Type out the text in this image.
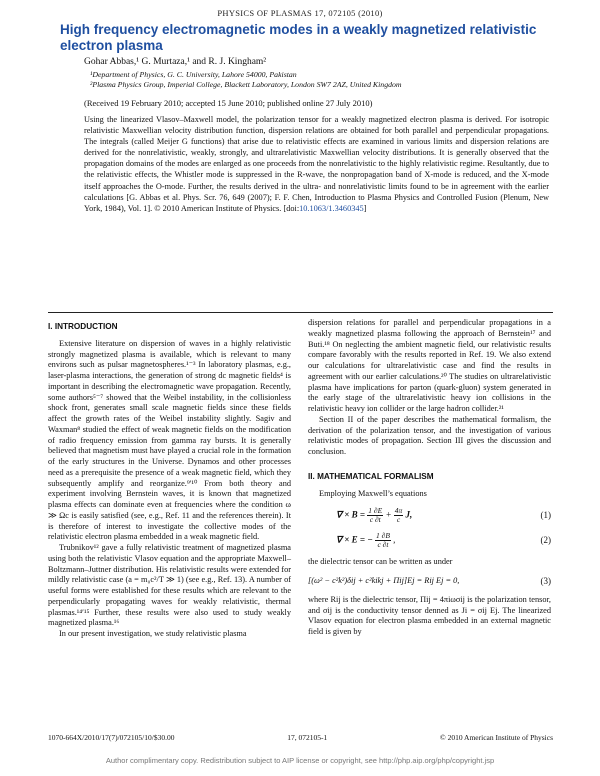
PHYSICS OF PLASMAS 17, 072105 (2010)
High frequency electromagnetic modes in a weakly magnetized relativistic electron plasma
Gohar Abbas,¹ G. Murtaza,¹ and R. J. Kingham²
¹Department of Physics, G. C. University, Lahore 54000, Pakistan
²Plasma Physics Group, Imperial College, Blackett Laboratory, London SW7 2AZ, United Kingdom
(Received 19 February 2010; accepted 15 June 2010; published online 27 July 2010)
Using the linearized Vlasov–Maxwell model, the polarization tensor for a weakly magnetized electron plasma is derived. For isotropic relativistic Maxwellian velocity distribution function, dispersion relations are obtained for both parallel and perpendicular propagations. The integrals (called Meijer G functions) that arise due to relativistic effects are examined in various limits and dispersion relations are derived for the nonrelativistic, weakly, strongly, and ultrarelativistic Maxwellian velocity distributions. It is generally observed that the propagation domains of the modes are enlarged as one proceeds from the nonrelativistic to the highly relativistic regime. Resultantly, due to the relativistic effects, the Whistler mode is suppressed in the R-wave, the nonpropagation band of X-mode is reduced, and the X-mode itself approaches the O-mode. Further, the results derived in the ultra- and nonrelativistic limits found to be in agreement with the earlier calculations [G. Abbas et al. Phys. Scr. 76, 649 (2007); F. F. Chen, Introduction to Plasma Physics and Controlled Fusion (Plenum, New York, 1984), Vol. 1]. © 2010 American Institute of Physics. [doi:10.1063/1.3460345]
I. INTRODUCTION

Extensive literature on dispersion of waves in a highly relativistic strongly magnetized plasma is available, which is relevant to many environs such as pulsar magnetospheres.¹⁻³ In laboratory plasmas, e.g., laser-plasma interactions, the generation of strong dc magnetic fields⁴ is important in describing the electromagnetic wave propagation. Recently, some authors⁵⁻⁷ showed that the Weibel instability, in the collisionless shock front, generates small scale magnetic fields since these fields affect the growth rates of the Weibel instability slightly. Sagiv and Waxman⁸ studied the effect of weak magnetic fields on the modification of radio frequency emission from gamma ray bursts. It is generally believed that magnetism must have played a crucial role in the formation of the early structures in the Universe. Dynamos and other processes need as a prerequisite the presence of a weak magnetic field, which they subsequently amplify and reorganize.⁹ʹ¹⁰ From both theory and experiment involving Bernstein waves, it is known that magnetized plasma effects can dominate even at frequencies where the condition ω ≫ Ωc is easily satisfied (see, e.g., Ref. 11 and the references therein). It is therefore of interest to investigate the collective modes of the relativistic electron plasma embedded in a weak magnetic field.

Trubnikov¹² gave a fully relativistic treatment of magnetized plasma using both the relativistic Vlasov equation and the appropriate Maxwell–Boltzmann–Juttner distribution. His relativistic results were extended for mildly relativistic case (a = m₀c²/T ≫ 1) (see e.g., Ref. 13). A number of useful forms were established for these results which are relevant to the perpendicularly propagating waves for weakly relativistic, thermal plasmas.¹⁴ʹ¹⁵ Further, these results were also used to study weakly magnetized plasma.¹⁶

In our present investigation, we study relativistic plasma

dispersion relations for parallel and perpendicular propagations in a weakly magnetized plasma following the approach of Bernstein¹⁷ and Buti.¹⁸ On neglecting the ambient magnetic field, our relativistic results compare favorably with the results reported in Ref. 19. We also extend our calculations for ultrarelativistic case and find the results in agreement with our earlier calculations.²⁰ The studies on ultrarelativistic plasma have implications for parton (quark-gluon) system generated in the early stage of the ultrarelativistic heavy ion collisions in the relativistic heavy ion collider or the large hadron collider.²¹

Section II of the paper describes the mathematical formalism, the derivation of the polarization tensor, and the investigation of various relativistic modes of propagation. Section III gives the discussion and conclusion.

II. MATHEMATICAL FORMALISM

Employing Maxwell’s equations

∇ × $B = \frac{1 \partial E}{c \partial t} + \frac{4\pi}{c} J$,	(1)
∇ × E = − $\frac{1 \partial B}{c \partial t}$ ,	(2)

the dielectric tensor can be written as under

[(ω² − c²k²)δij + c²kikj + Πij]Ej = Rij Ej = 0,	(3)

where Rij is the dielectric tensor, Πij = 4πiωσij is the polarization tensor, and σij is the conductivity tensor denned as Ji = σij Ej. The linearized Vlasov equation for electron plasma embedded in an external magnetic field is given by

1070-664X/2010/17(7)/072105/10/$30.00	17, 072105-1	© 2010 American Institute of Physics
Author complimentary copy. Redistribution subject to AIP license or copyright, see http://php.aip.org/php/copyright.jsp
